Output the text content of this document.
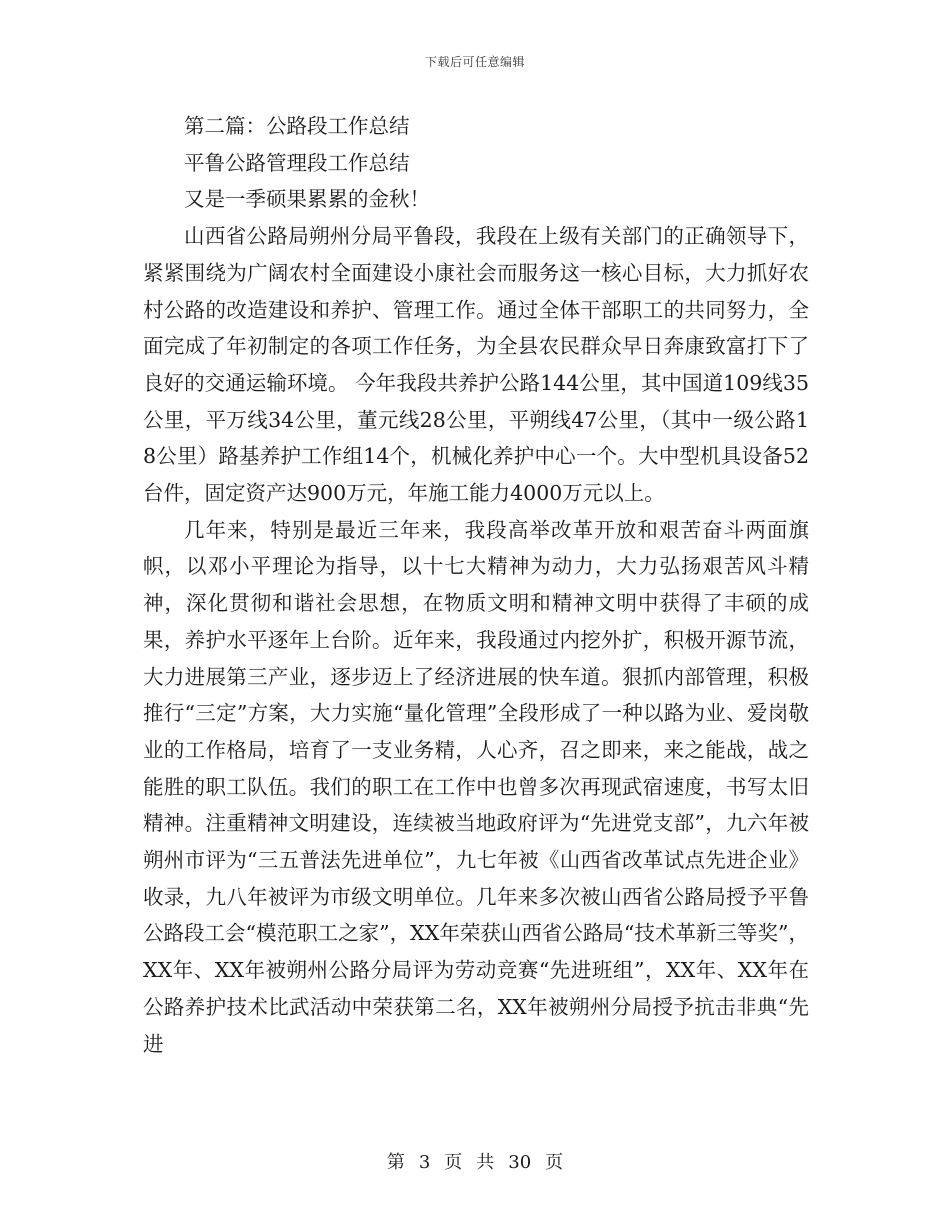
下载后可任意编辑

第二篇：公路段工作总结

平鲁公路管理段工作总结

又是一季硕果累累的金秋！

山西省公路局朔州分局平鲁段，我段在上级有关部门的正确领导下，紧紧围绕为广阔农村全面建设小康社会而服务这一核心目标，大力抓好农村公路的改造建设和养护、管理工作。通过全体干部职工的共同努力，全面完成了年初制定的各项工作任务，为全县农民群众早日奔康致富打下了良好的交通运输环境。 今年我段共养护公路144公里，其中国道109线35公里，平万线34公里，董元线28公里，平朔线47公里，（其中一级公路18公里）路基养护工作组14个，机械化养护中心一个。大中型机具设备52台件，固定资产达900万元，年施工能力4000万元以上。

几年来，特别是最近三年来，我段高举改革开放和艰苦奋斗两面旗帜，以邓小平理论为指导，以十七大精神为动力，大力弘扬艰苦风斗精神，深化贯彻和谐社会思想，在物质文明和精神文明中获得了丰硕的成果，养护水平逐年上台阶。近年来，我段通过内挖外扩，积极开源节流，大力进展第三产业，逐步迈上了经济进展的快车道。狠抓内部管理，积极推行“三定”方案，大力实施“量化管理”全段形成了一种以路为业、爱岗敬业的工作格局，培育了一支业务精，人心齐，召之即来，来之能战，战之能胜的职工队伍。我们的职工在工作中也曾多次再现武宿速度，书写太旧精神。注重精神文明建设，连续被当地政府评为“先进党支部”，九六年被朔州市评为“三五普法先进单位”，九七年被《山西省改革试点先进企业》收录，九八年被评为市级文明单位。几年来多次被山西省公路局授予平鲁公路段工会“模范职工之家”，XX年荣获山西省公路局“技术革新三等奖”，XX年、XX年被朔州公路分局评为劳动竞赛“先进班组”，XX年、XX年在公路养护技术比武活动中荣获第二名，XX年被朔州分局授予抗击非典“先进

第 3 页 共 30 页
